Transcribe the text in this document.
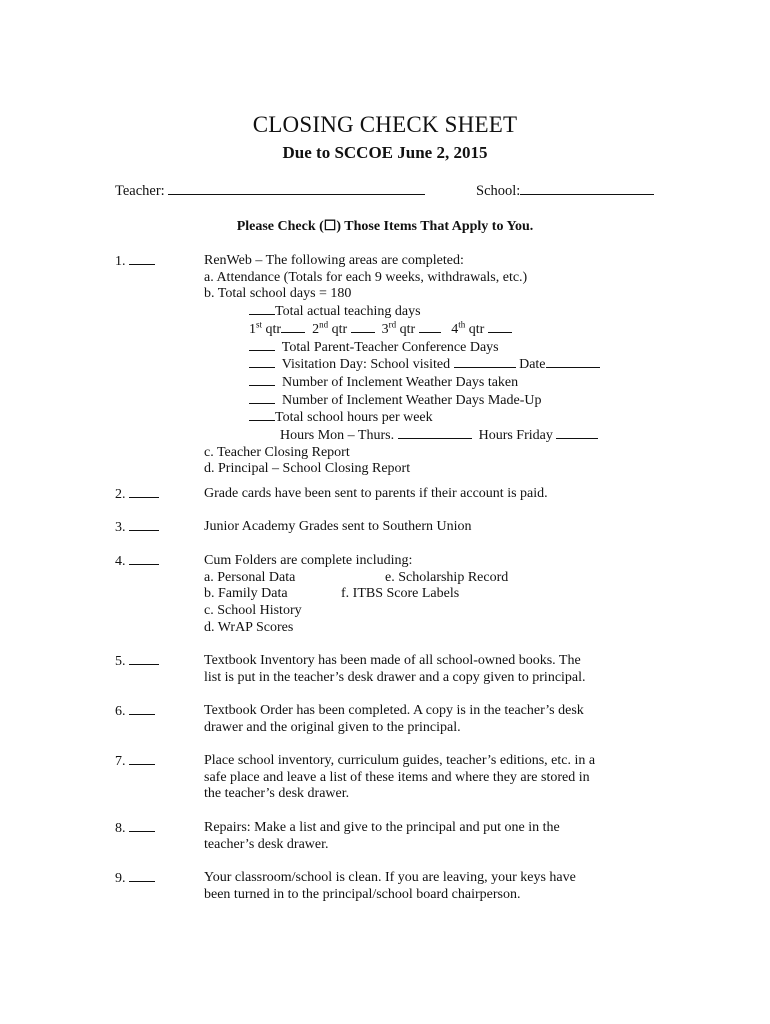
CLOSING CHECK SHEET
Due to SCCOE June 2, 2015
Teacher:	School:
Please Check (☐) Those Items That Apply to You.
1.	RenWeb – The following areas are completed:
a. Attendance (Totals for each 9 weeks, withdrawals, etc.)
b. Total school days = 180
Total actual teaching days
1st qtr 2nd qtr 3rd qtr	4th qtr
Total Parent-Teacher Conference Days
Visitation Day: School visited	Date
Number of Inclement Weather Days taken
Number of Inclement Weather Days Made-Up
Total school hours per week
Hours Mon – Thurs.	Hours Friday
c. Teacher Closing Report
d. Principal – School Closing Report
2.	Grade cards have been sent to parents if their account is paid.
3.	Junior Academy Grades sent to Southern Union
4.	Cum Folders are complete including:
a. Personal Data
b. Family Data
c. School History
d. WrAP Scores
e. Scholarship Record
f. ITBS Score Labels
5.	Textbook Inventory has been made of all school-owned books. The
list is put in the teacher’s desk drawer and a copy given to principal.
6.	Textbook Order has been completed. A copy is in the teacher’s desk
drawer and the original given to the principal.
7.	Place school inventory, curriculum guides, teacher’s editions, etc. in a
safe place and leave a list of these items and where they are stored in
the teacher’s desk drawer.
8.	Repairs: Make a list and give to the principal and put one in the
teacher’s desk drawer.
9.	Your classroom/school is clean. If you are leaving, your keys have
been turned in to the principal/school board chairperson.
